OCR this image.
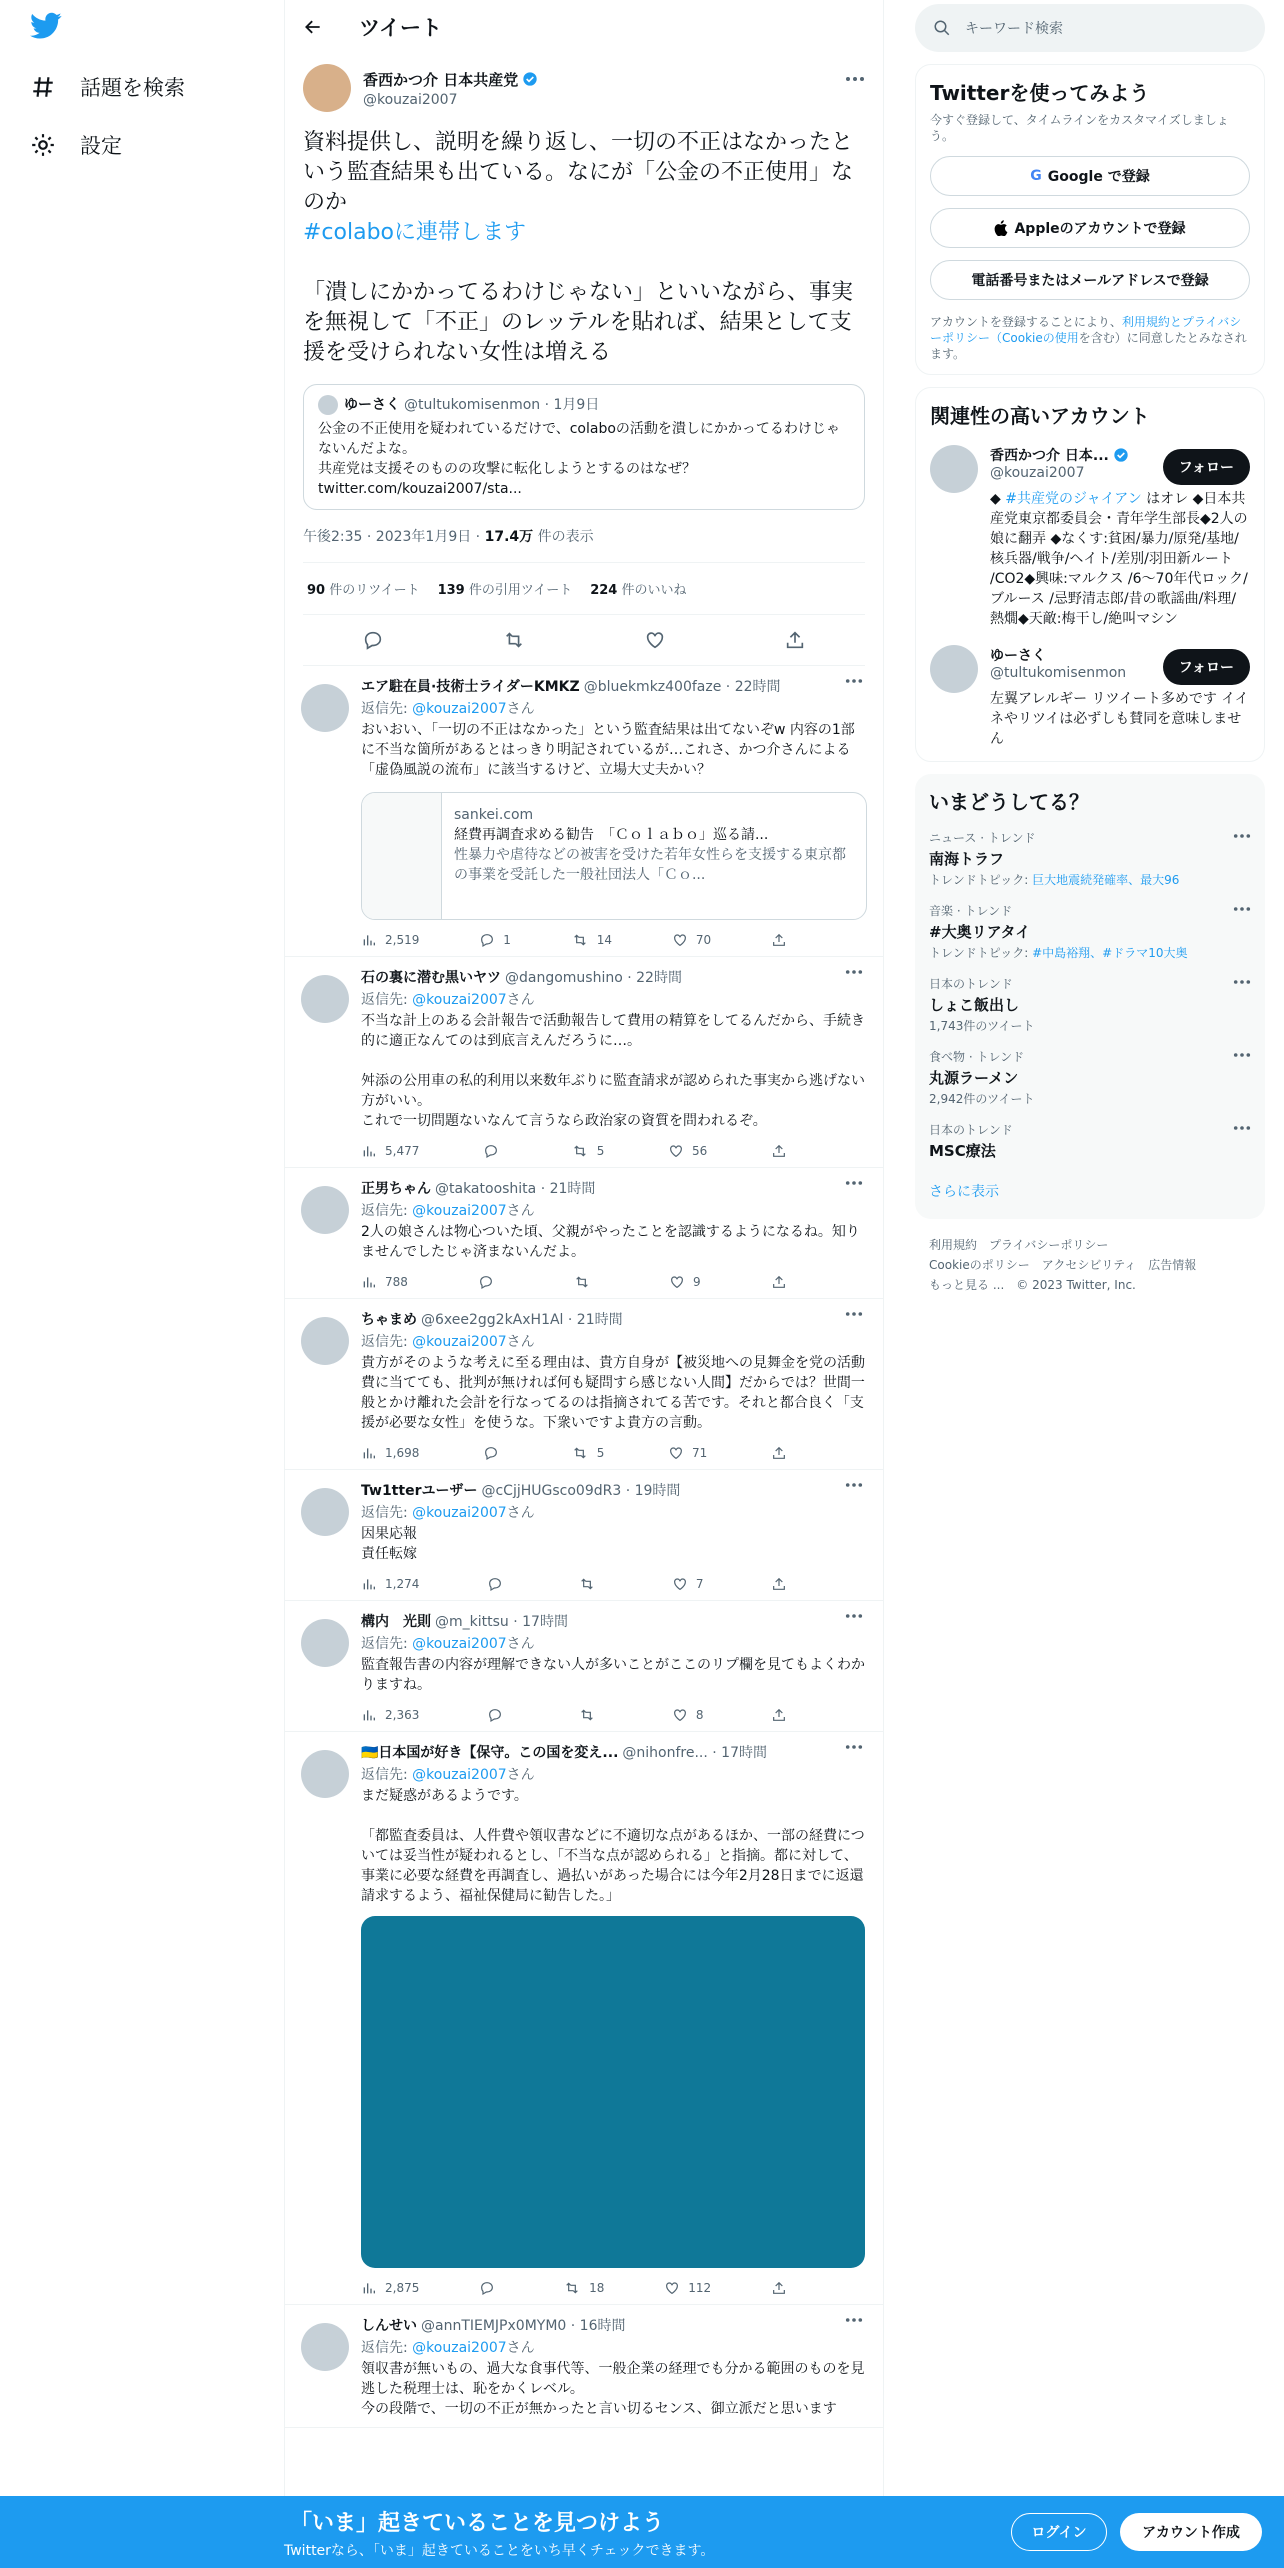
話題を検索
設定
ツイート
香西かつ介 日本共産党
@kouzai2007
資料提供し、説明を繰り返し、一切の不正はなかったという監査結果も出ている。なにが「公金の不正使用」なのか
#colaboに連帯します

「潰しにかかってるわけじゃない」といいながら、事実を無視して「不正」のレッテルを貼れば、結果として支援を受けられない女性は増える
ゆーさく @tultukomisenmon · 1月9日
公金の不正使用を疑われているだけで、colaboの活動を潰しにかかってるわけじゃないんだよな。
共産党は支援そのものの攻撃に転化しようとするのはなぜ？
twitter.com/kouzai2007/sta...
午後2:35 · 2023年1月9日 · 17.4万 件の表示
90 件のリツイート 139 件の引用ツイート 224 件のいいね
エア駐在員·技術士ライダーKMKZ @bluekmkz400faze · 22時間
返信先: @kouzai2007さん
おいおい、「一切の不正はなかった」という監査結果は出てないぞw 内容の1部に不当な箇所があるとはっきり明記されているが…これさ、かつ介さんによる「虚偽風説の流布」に該当するけど、立場大丈夫かい？
sankei.com
経費再調査求める勧告　「Ｃｏｌａｂｏ」巡る請...
性暴力や虐待などの被害を受けた若年女性らを支援する東京都の事業を受託した一般社団法人「Ｃｏ...
2,519	1	14	70
石の裏に潜む黒いヤツ @dangomushino · 22時間
返信先: @kouzai2007さん
不当な計上のある会計報告で活動報告して費用の精算をしてるんだから、手続き的に適正なんてのは到底言えんだろうに…。

舛添の公用車の私的利用以来数年ぶりに監査請求が認められた事実から逃げない方がいい。
これで一切問題ないなんて言うなら政治家の資質を問われるぞ。
5,477	5	56
正男ちゃん @takatooshita · 21時間
返信先: @kouzai2007さん
2人の娘さんは物心ついた頃、父親がやったことを認識するようになるね。知りませんでしたじゃ済まないんだよ。
788	9
ちゃまめ @6xee2gg2kAxH1Al · 21時間
返信先: @kouzai2007さん
貴方がそのような考えに至る理由は、貴方自身が【被災地への見舞金を党の活動費に当てても、批判が無ければ何も疑問すら感じない人間】だからでは？世間一般とかけ離れた会計を行なってるのは指摘されてる苦です。それと都合良く「支援が必要な女性」を使うな。下衆いですよ貴方の言動。
1,698	5	71
Tw1tterユーザー @cCjjHUGsco09dR3 · 19時間
返信先: @kouzai2007さん
因果応報
責任転嫁
1,274	7
構内　光則 @m_kittsu · 17時間
返信先: @kouzai2007さん
監査報告書の内容が理解できない人が多いことがここのリプ欄を見てもよくわかりますね。
2,363	8
🇺🇦日本国が好き【保守。この国を変え... @nihonfre... · 17時間
返信先: @kouzai2007さん
まだ疑惑があるようです。

「都監査委員は、人件費や領収書などに不適切な点があるほか、一部の経費については妥当性が疑われるとし、「不当な点が認められる」と指摘。都に対して、事業に必要な経費を再調査し、過払いがあった場合には今年2月28日までに返還請求するよう、福祉保健局に勧告した。」
2,875	18	112
しんせい @annTIEMJPx0MYM0 · 16時間
返信先: @kouzai2007さん
領収書が無いもの、過大な食事代等、一般企業の経理でも分かる範囲のものを見逃した税理士は、恥をかくレベル。
今の段階で、一切の不正が無かったと言い切るセンス、御立派だと思います
キーワード検索
Twitterを使ってみよう
今すぐ登録して、タイムラインをカスタマイズしましょう。
G Google で登録
Appleのアカウントで登録
電話番号またはメールアドレスで登録
アカウントを登録することにより、利用規約とプライバシーポリシー（Cookieの使用を含む）に同意したとみなされます。
関連性の高いアカウント
香西かつ介 日本...
@kouzai2007
◆ #共産党のジャイアン はオレ ◆日本共産党東京都委員会・青年学生部長◆2人の娘に翻弄 ◆なくす:貧困/暴力/原発/基地/核兵器/戦争/ヘイト/差別/羽田新ルート /CO2◆興味:マルクス /6～70年代ロック/ブルース /忌野清志郎/昔の歌謡曲/料理/熱燗◆天敵:梅干し/絶叫マシン
フォロー
ゆーさく
@tultukomisenmon
左翼アレルギー リツイート多めです イイネやリツイは必ずしも賛同を意味しません
フォロー
いまどうしてる？
ニュース · トレンド
南海トラフ
トレンドトピック: 巨大地震続発確率、最大96
音楽 · トレンド
#大奥リアタイ
トレンドトピック: #中島裕翔、#ドラマ10大奥
日本のトレンド
しょこ飯出し
1,743件のツイート
食べ物 · トレンド
丸源ラーメン
2,942件のツイート
日本のトレンド
MSC療法
さらに表示
利用規約　 プライバシーポリシー
Cookieのポリシー　 アクセシビリティ　 広告情報
もっと見る ...　 © 2023 Twitter, Inc.
「いま」起きていることを見つけよう
Twitterなら、「いま」起きていることをいち早くチェックできます。
ログイン	アカウント作成
